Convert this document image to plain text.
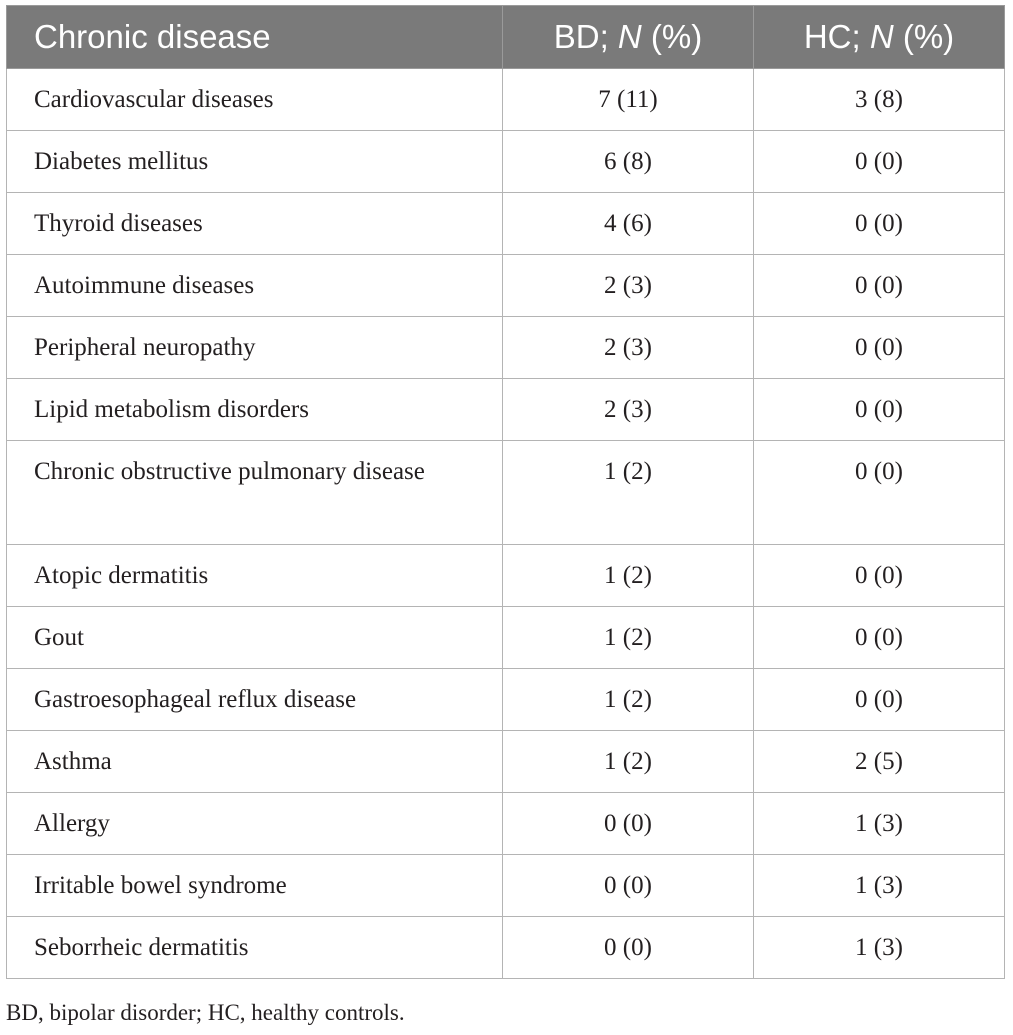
Chronic disease	BD; N (%)	HC; N (%)

Cardiovascular diseases	7 (11)	3 (8)

Diabetes mellitus	6 (8)	0 (0)

Thyroid diseases	4 (6)	0 (0)

Autoimmune diseases	2 (3)	0 (0)

Peripheral neuropathy	2 (3)	0 (0)

Lipid metabolism disorders	2 (3)	0 (0)

Chronic obstructive pulmonary disease	1 (2)	0 (0)

Atopic dermatitis	1 (2)	0 (0)

Gout	1 (2)	0 (0)

Gastroesophageal reflux disease	1 (2)	0 (0)

Asthma	1 (2)	2 (5)

Allergy	0 (0)	1 (3)

Irritable bowel syndrome	0 (0)	1 (3)

Seborrheic dermatitis	0 (0)	1 (3)
BD, bipolar disorder; HC, healthy controls.
